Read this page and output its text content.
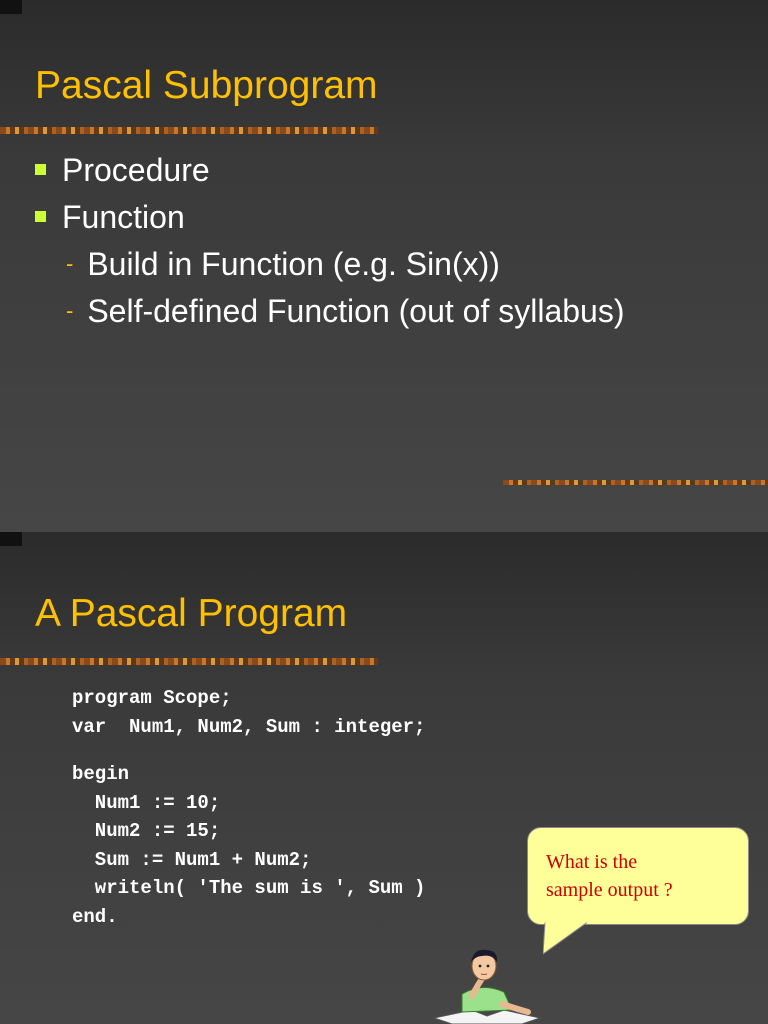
Pascal Subprogram
Procedure
Function
- Build in Function (e.g. Sin(x))
- Self-defined Function (out of syllabus)
A Pascal Program
program Scope;
var  Num1, Num2, Sum : integer;
begin
Num1 := 10;
Num2 := 15;
Sum := Num1 + Num2;
writeln( 'The sum is ', Sum )
end.
What is the
sample output ?
